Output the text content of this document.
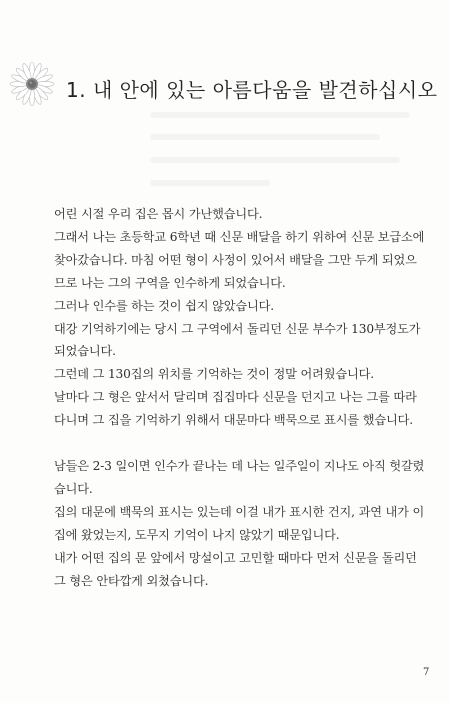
1. 내 안에 있는 아름다움을 발견하십시오

어린 시절 우리 집은 몹시 가난했습니다.
그래서 나는 초등학교 6학년 때 신문 배달을 하기 위하여 신문 보급소에
찾아갔습니다. 마침 어떤 형이 사정이 있어서 배달을 그만 두게 되었으
므로 나는 그의 구역을 인수하게 되었습니다.
그러나 인수를 하는 것이 쉽지 않았습니다.
대강 기억하기에는 당시 그 구역에서 돌리던 신문 부수가 130부정도가
되었습니다.
그런데 그 130집의 위치를 기억하는 것이 정말 어려웠습니다.
날마다 그 형은 앞서서 달리며 집집마다 신문을 던지고 나는 그를 따라
다니며 그 집을 기억하기 위해서 대문마다 백묵으로 표시를 했습니다.

남들은 2-3 일이면 인수가 끝나는 데 나는 일주일이 지나도 아직 헛갈렸
습니다.
집의 대문에 백묵의 표시는 있는데 이걸 내가 표시한 건지, 과연 내가 이
집에 왔었는지, 도무지 기억이 나지 않았기 때문입니다.
내가 어떤 집의 문 앞에서 망설이고 고민할 때마다 먼저 신문을 돌리던
그 형은 안타깝게 외쳤습니다.

7
